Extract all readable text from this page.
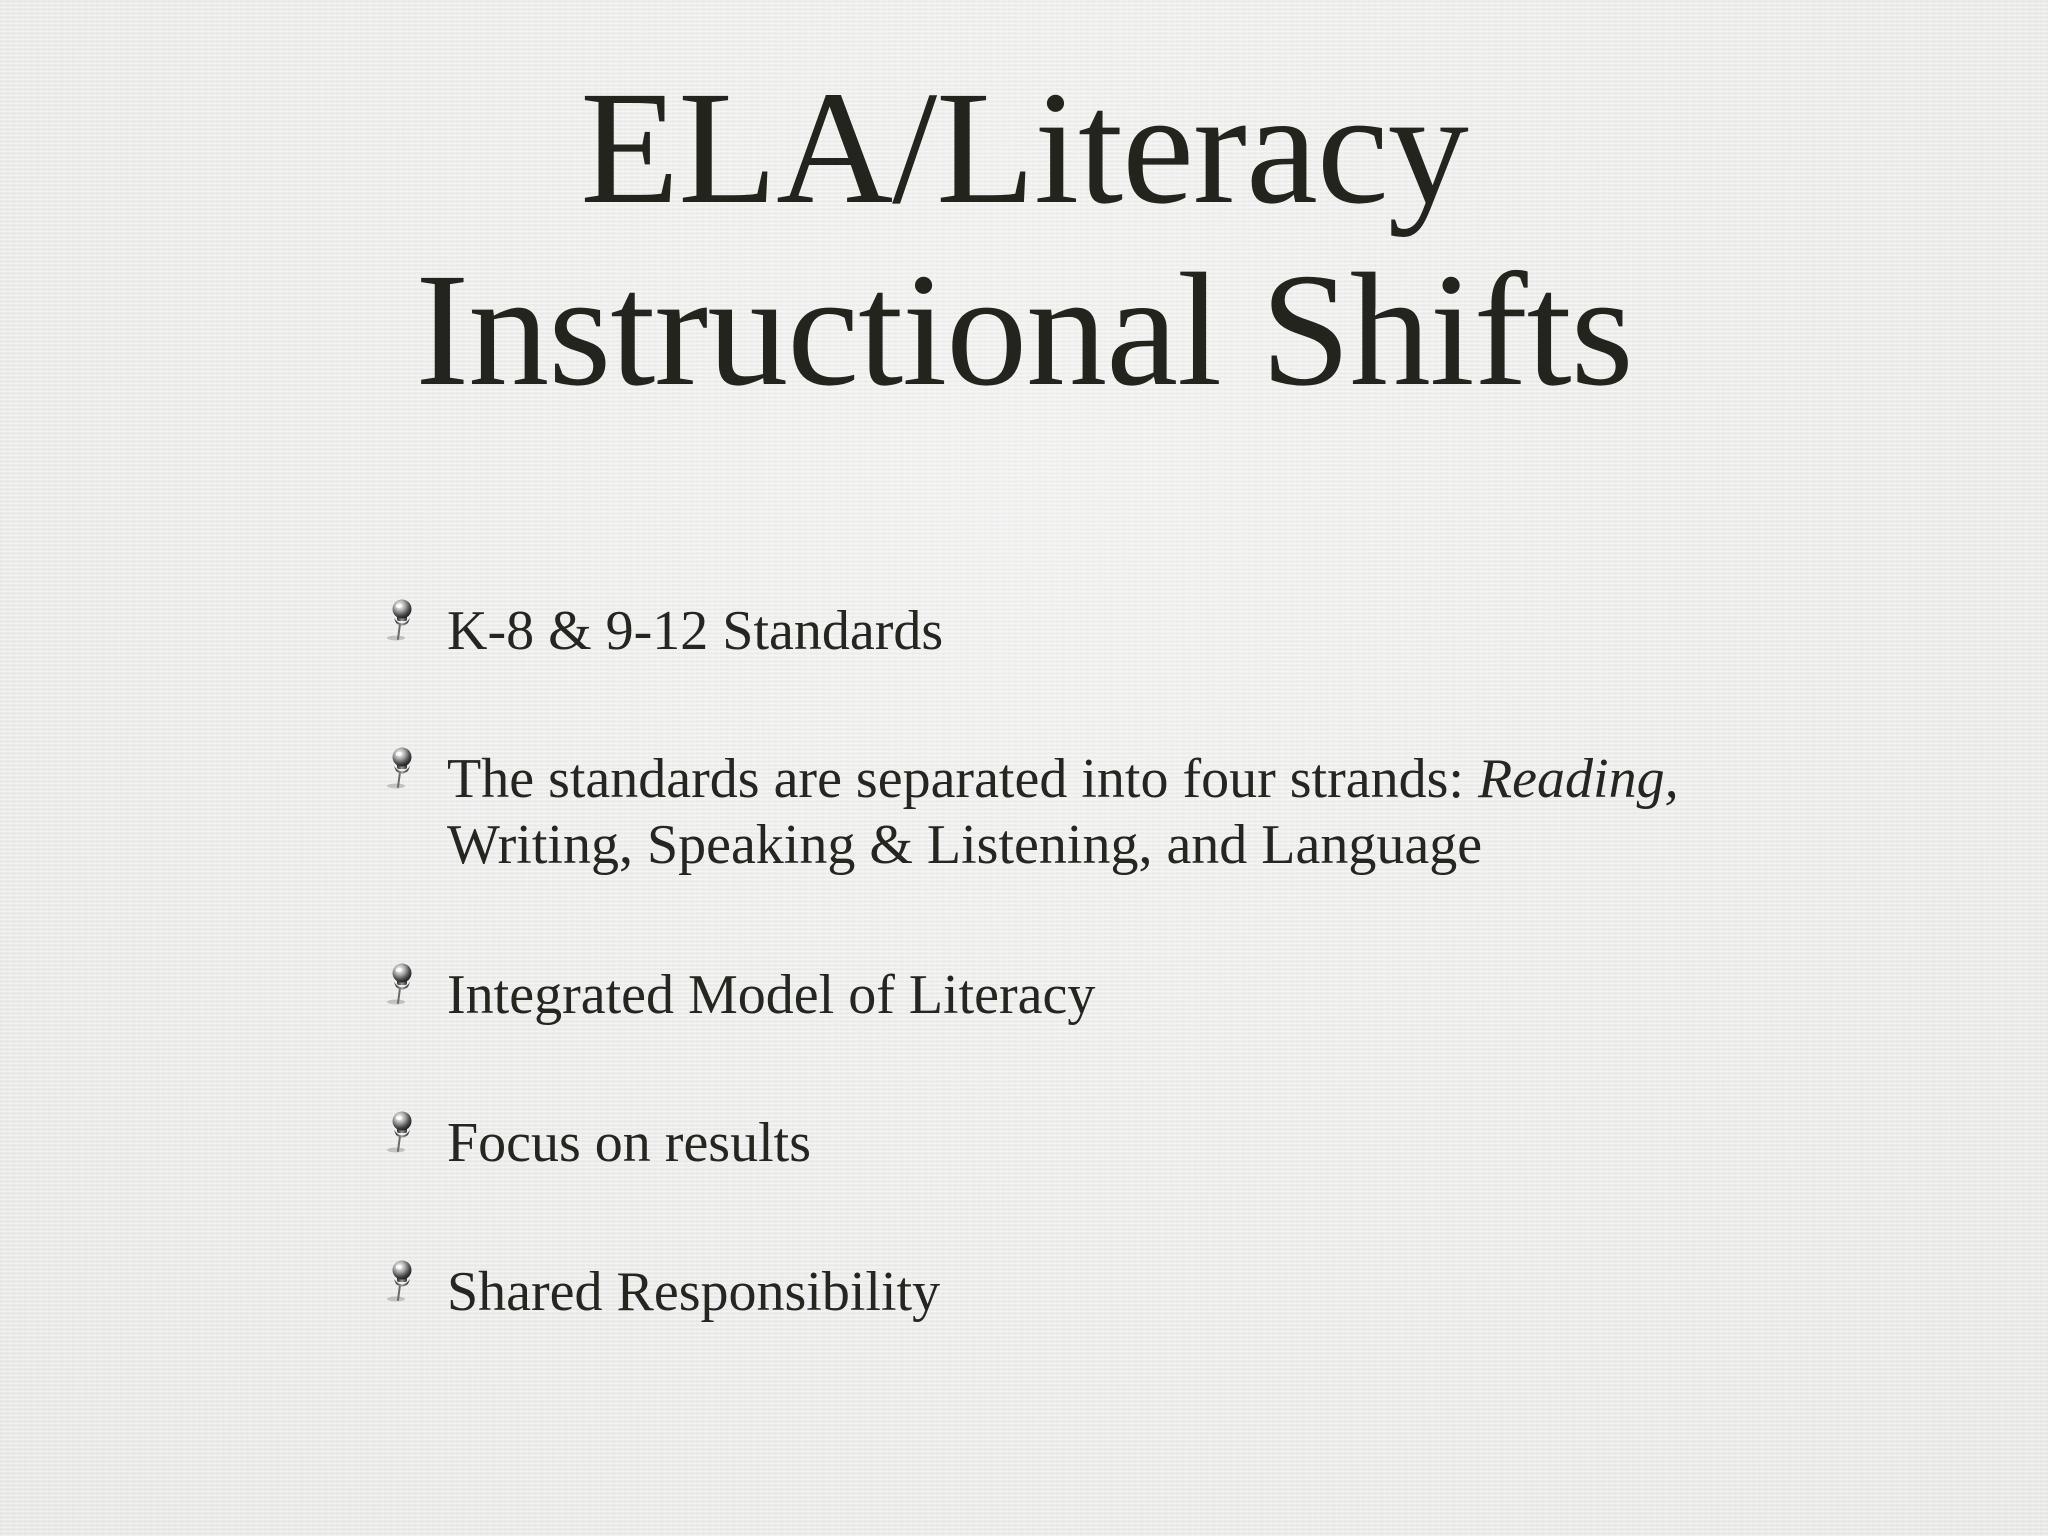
ELA/Literacy
Instructional Shifts
K-8 & 9-12 Standards
The standards are separated into four strands: Reading,
Writing, Speaking & Listening, and Language
Integrated Model of Literacy
Focus on results
Shared Responsibility
